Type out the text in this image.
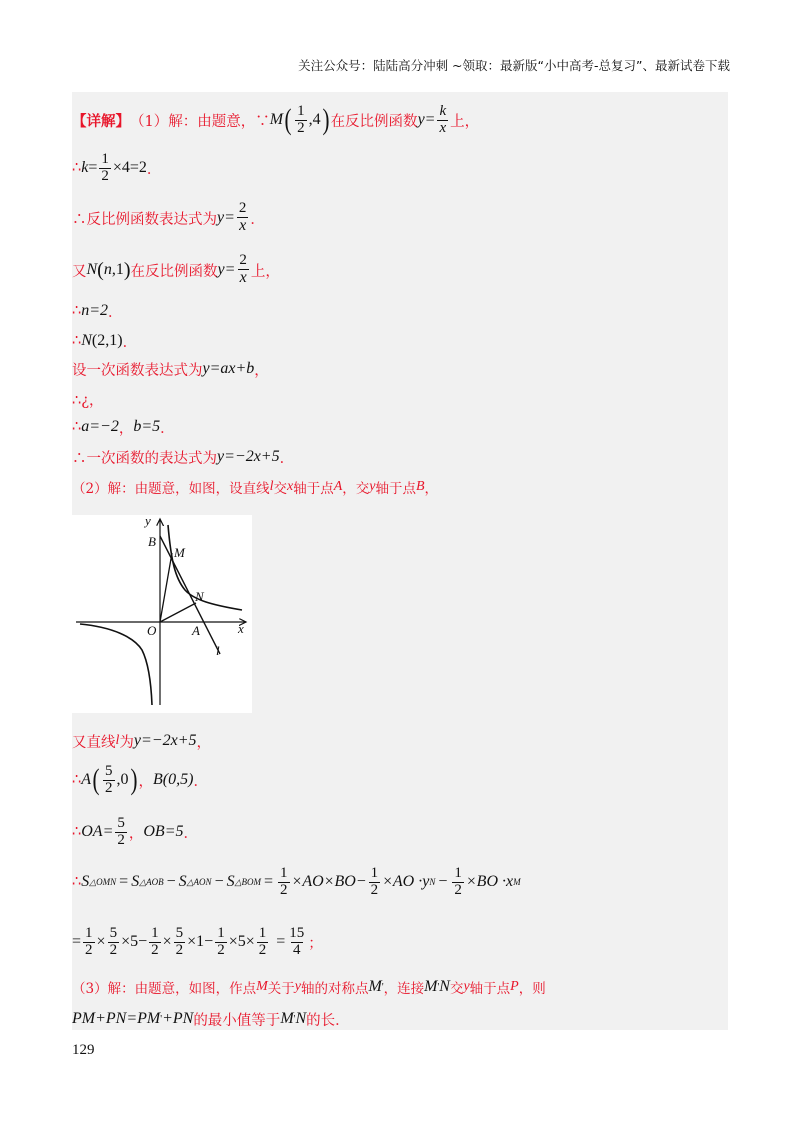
关注公众号：陆陆高分冲刺 ~领取：最新版“小中高考-总复习”、最新试卷下载
【详解】 （1）解：由题意，∵ M ( $\frac{1}{2} ,4$ ) 在反比例函数 $y= \frac{k}{x}$ 上，
∴ $k = \frac{1}{2} \times 4=2$ ．
∴反比例函数表达式为 $y= \frac{2}{x}$ ．
又 N ( n ,1 ) 在反比例函数 $y= \frac{2}{x}$ 上，
∴ n=2 ．
∴ N (2,1) ．
设一次函数表达式为 y=ax+b ，
∴¿，
∴ a=−2 ， b=5 ．
∴一次函数的表达式为 y=−2x+5 ．
（2）解：由题意，如图，设直线 l 交 x 轴于点 A ，交 y 轴于点 B ，
y
x
O	A
B
M
N
l
又直线 l 为 y=−2x+5 ，
∴ A ( $\frac{5}{2} ,0$ ) ， B(0,5) ．
∴ $OA= \frac{5}{2}$ ， OB=5 ．
∴ S △OMN = S △AOB − S △AON − S △BOM = $\frac{1}{2} \times AO\times BO- \frac{1}{2} \times AO \cdot y$ $N - \frac{1}{2} \times BO \cdot x$ M
= $\frac{1}{2} \times \frac{5}{2} \times 5- \frac{1}{2} \times \frac{5}{2} \times 1- \frac{1}{2} \times 5\times \frac{1}{2} = \frac{15}{4}$ ；
（3）解：由题意，如图，作点 M 关于 y 轴的对称点 M ' ，连接 M ' N 交 y 轴于点 P ，则
PM+PN=PM ' +PN 的最小值等于 M ' N 的长．
129
